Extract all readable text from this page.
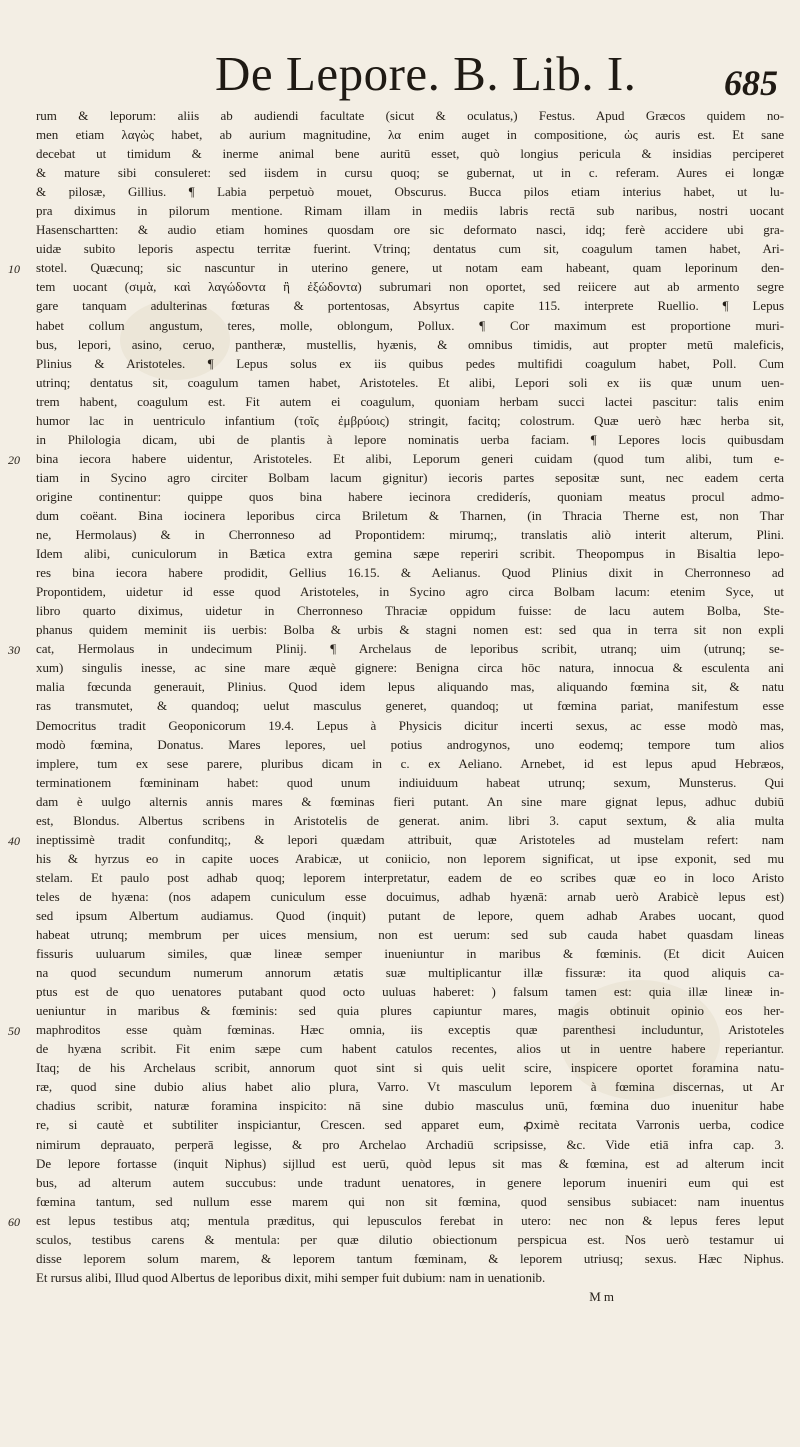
De Lepore. B. Lib. I. 685
10
20
30
40
50
60
rum & leporum: aliis ab audiendi facultate (sicut & oculatus,) Festus. Apud Græcos quidem no-
men etiam λαγὼς habet, ab aurium magnitudine, λα enim auget in compositione, ὠς auris est. Et sane
decebat ut timidum & inerme animal bene auritū esset, quò longius pericula & insidias perciperet
& mature sibi consuleret: sed iisdem in cursu quoq; se gubernat, ut in c. referam. Aures ei longæ
& pilosæ, Gillius. ¶ Labia perpetuò mouet, Obscurus. Bucca pilos etiam interius habet, ut lu-
pra diximus in pilorum mentione. Rimam illam in mediis labris rectā sub naribus, nostri uocant
Hasenschartten: & audio etiam homines quosdam ore sic deformato nasci, idq; ferè accidere ubi gra-
uidæ subito leporis aspectu territæ fuerint. Vtrinq; dentatus cum sit, coagulum tamen habet, Ari-
stotel. Quæcunq; sic nascuntur in uterino genere, ut notam eam habeant, quam leporinum den-
tem uocant (σιμὰ, καὶ λαγώδοντα ἢ ἐξώδοντα) subrumari non oportet, sed reiicere aut ab armento segre
gare tanquam adulterinas fœturas & portentosas, Absyrtus capite 115. interprete Ruellio. ¶ Lepus
habet collum angustum, teres, molle, oblongum, Pollux. ¶ Cor maximum est proportione muri-
bus, lepori, asino, ceruo, pantheræ, mustellis, hyænis, & omnibus timidis, aut propter metū maleficis,
Plinius & Aristoteles. ¶ Lepus solus ex iis quibus pedes multifidi coagulum habet, Poll. Cum
utrinq; dentatus sit, coagulum tamen habet, Aristoteles. Et alibi, Lepori soli ex iis quæ unum uen-
trem habent, coagulum est. Fit autem ei coagulum, quoniam herbam succi lactei pascitur: talis enim
humor lac in uentriculo infantium (τοῖς ἐμβρύοις) stringit, facitq; colostrum. Quæ uerò hæc herba sit,
in Philologia dicam, ubi de plantis à lepore nominatis uerba faciam. ¶ Lepores locis quibusdam
bina iecora habere uidentur, Aristoteles. Et alibi, Leporum generi cuidam (quod tum alibi, tum e-
tiam in Sycino agro circiter Bolbam lacum gignitur) iecoris partes sepositæ sunt, nec eadem certa
origine continentur: quippe quos bina habere iecinora crediderís, quoniam meatus procul admo-
dum coëant. Bina iocinera leporibus circa Briletum & Tharnen, (in Thracia Therne est, non Thar
ne, Hermolaus) & in Cherronneso ad Propontidem: mirumq;, translatis aliò interit alterum, Plini.
Idem alibi, cuniculorum in Bætica extra gemina sæpe reperiri scribit. Theopompus in Bisaltia lepo-
res bina iecora habere prodidit, Gellius 16.15. & Aelianus. Quod Plinius dixit in Cherronneso ad
Propontidem, uidetur id esse quod Aristoteles, in Sycino agro circa Bolbam lacum: etenim Syce, ut
libro quarto diximus, uidetur in Cherronneso Thraciæ oppidum fuisse: de lacu autem Bolba, Ste-
phanus quidem meminit iis uerbis: Bolba & urbis & stagni nomen est: sed qua in terra sit non expli
cat, Hermolaus in undecimum Plinij. ¶ Archelaus de leporibus scribit, utranq; uim (utrunq; se-
xum) singulis inesse, ac sine mare æquè gignere: Benigna circa hōc natura, innocua & esculenta ani
malia fœcunda generauit, Plinius. Quod idem lepus aliquando mas, aliquando fœmina sit, & natu
ras transmutet, & quandoq; uelut masculus generet, quandoq; ut fœmina pariat, manifestum esse
Democritus tradit Geoponicorum 19.4. Lepus à Physicis dicitur incerti sexus, ac esse modò mas,
modò fœmina, Donatus. Mares lepores, uel potius androgynos, uno eodemq; tempore tum alios
implere, tum ex sese parere, pluribus dicam in c. ex Aeliano. Arnebet, id est lepus apud Hebræos,
terminationem fœmininam habet: quod unum indiuiduum habeat utrunq; sexum, Munsterus. Qui
dam è uulgo alternis annis mares & fœminas fieri putant. An sine mare gignat lepus, adhuc dubiū
est, Blondus. Albertus scribens in Aristotelis de generat. anim. libri 3. caput sextum, & alia multa
ineptissimè tradit confunditq;, & lepori quædam attribuit, quæ Aristoteles ad mustelam refert: nam
his & hyrzus eo in capite uoces Arabicæ, ut coniicio, non leporem significat, ut ipse exponit, sed mu
stelam. Et paulo post adhab quoq; leporem interpretatur, eadem de eo scribes quæ eo in loco Aristo
teles de hyæna: (nos adapem cuniculum esse docuimus, adhab hyænā: arnab uerò Arabicè lepus est)
sed ipsum Albertum audiamus. Quod (inquit) putant de lepore, quem adhab Arabes uocant, quod
habeat utrunq; membrum per uices mensium, non est uerum: sed sub cauda habet quasdam lineas
fissuris uuluarum similes, quæ lineæ semper inueniuntur in maribus & fœminis. (Et dicit Auicen
na quod secundum numerum annorum ætatis suæ multiplicantur illæ fissuræ: ita quod aliquis ca-
ptus est de quo uenatores putabant quod octo uuluas haberet: ) falsum tamen est: quia illæ lineæ in-
ueniuntur in maribus & fœminis: sed quia plures capiuntur mares, magis obtinuit opinio eos her-
maphroditos esse quàm fœminas. Hæc omnia, iis exceptis quæ parenthesi includuntur, Aristoteles
de hyæna scribit. Fit enim sæpe cum habent catulos recentes, alios ut in uentre habere reperiantur.
Itaq; de his Archelaus scribit, annorum quot sint si quis uelit scire, inspicere oportet foramina natu-
ræ, quod sine dubio alius habet alio plura, Varro. Vt masculum leporem à fœmina discernas, ut Ar
chadius scribit, naturæ foramina inspicito: nā sine dubio masculus unū, fœmina duo inuenitur habe
re, si cautè et subtiliter inspiciantur, Crescen. sed apparet eum, ꝓximè recitata Varronis uerba, codice
nimirum deprauato, perperā legisse, & pro Archelao Archadiū scripsisse, &c. Vide etiā infra cap. 3.
De lepore fortasse (inquit Niphus) sijllud est uerū, quòd lepus sit mas & fœmina, est ad alterum incit
bus, ad alterum autem succubus: unde tradunt uenatores, in genere leporum inueniri eum qui est
fœmina tantum, sed nullum esse marem qui non sit fœmina, quod sensibus subiacet: nam inuentus
est lepus testibus atq; mentula præditus, qui lepusculos ferebat in utero: nec non & lepus feres leput
sculos, testibus carens & mentula: per quæ dilutio obiectionum perspicua est. Nos uerò testamur ui
disse leporem solum marem, & leporem tantum fœminam, & leporem utriusq; sexus. Hæc Niphus.
Et rursus alibi, Illud quod Albertus de leporibus dixit, mihi semper fuit dubium: nam in uenationib.
M m
